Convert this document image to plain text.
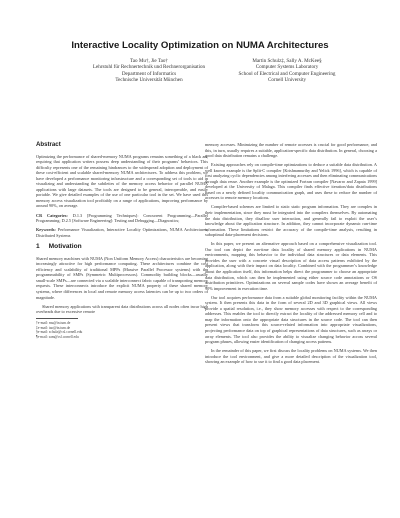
Interactive Locality Optimization on NUMA Architectures
Tao Mu†, Jie Tao†
Lehrstuhl für Rechnertechnik und Rechnerorganisation
Department of Informatics
Technische Universität München
Martin Schulz‡, Sally A. McKee§
Computer Systems Laboratory
School of Electrical and Computer Engineering
Cornell University
Abstract

Optimizing the performance of shared-memory NUMA programs remains something of a black art, requiring that application writers possess deep understanding of their programs’ behaviors. This difficulty represents one of the remaining hindrances to the widespread adoption and deployment of these cost-efficient and scalable shared-memory NUMA architectures. To address this problem, we have developed a performance monitoring infrastructure and a corresponding set of tools to aid in visualizing and understanding the subtleties of the memory access behavior of parallel NUMA applications with large datasets. The tools are designed to be general, interoperable, and easily portable. We give detailed examples of the use of one particular tool in the set. We have used this memory access visualization tool profitably on a range of applications, improving performance by around 90%, on average.

CR Categories: D.1.3 [Programming Techniques]: Concurrent Programming—Parallel Programming; D.2.5 [Software Engineering]: Testing and Debugging—Diagnostics;

Keywords: Performance Visualization, Interactive Locality Optimizations, NUMA Architectures, Distributed Systems

1 Motivation

Shared memory machines with NUMA (Non Uniform Memory Access) characteristics are becoming increasingly attractive for high performance computing. These architectures combine the cost efficiency and scalability of traditional MPPs (Massive Parallel Processor systems) with the programmability of SMPs (Symmetric Multiprocessors). Commodity building blocks—usually small-scale SMPs—are connected via a scalable interconnect fabric capable of transporting memory requests. These interconnects introduce the explicit NUMA property of these shared memory systems, where differences in local and remote memory access latencies can be up to two orders of magnitude.

Shared memory applications with transparent data distributions across all nodes often incur high overheads due to excessive remote

†e-mail: mu@in.tum.de
‡e-mail: tao@in.tum.de
§e-mail: schulz@csl.cornell.edu
¶e-mail: sam@csl.cornell.edu

memory accesses. Minimizing the number of remote accesses is crucial for good performance, and this, in turn, usually requires a suitable, application-specific data distribution. In general, choosing a good data distribution remains a challenge.

Existing approaches rely on compile-time optimizations to deduce a suitable data distribution. A well known example is the Split-C compiler [Krishnamurthy and Yelick 1996], which is capable of first analyzing cyclic dependencies among interfering accesses and then eliminating communications through data reuse. Another example is the optimized Fortran compiler [Navarro and Zapata 1999] developed at the University of Malaga. This compiler finds effective iteration/data distributions based on a newly defined locality communication graph, and uses these to reduce the number of accesses to remote memory locations.

Compiler-based schemes are limited to static static program information. They are complex in their implementation, since they must be integrated into the compilers themselves. By automating the data distribution, they disallow user interaction, and generally fail to exploit the user’s knowledge about the application structure. In addition, they cannot incorporate dynamic run-time information. These limitations restrict the accuracy of the compile-time analysis, resulting in suboptimal data-placement decisions.

In this paper, we present an alternative approach based on a comprehensive visualization tool. Our tool can depict the run-time data locality of shared memory applications in NUMA environments, mapping this behavior to the individual data structures or data elements. This provides the user with a concrete visual description of data access patterns exhibited by the application, along with their impact on data locality. Combined with the programmer’s knowledge about the application itself, this information helps direct the programmer to choose an appropriate data distribution, which can then be implemented using either source code annotations or OS distribution primitives. Optimizations on several sample codes have shown an average benefit of 90% improvement in execution time.

Our tool acquires performance data from a suitable global monitoring facility within the NUMA system. It then presents this data in the form of several 2D and 3D graphical views. All views provide a spatial resolution, i.e., they show memory accesses with respect to the corresponding addresses. This enables the tool to directly extract the locality of the addressed memory cell and to map the information onto the appropriate data structures in the source code. The tool can then present views that transform this source-related information into appropriate visualizations, projecting performance data on top of graphical representations of data structures, such as arrays or array elements. The tool also provides the ability to visualize changing behavior across several program phases, allowing easier identification of changing access patterns.

In the remainder of this paper, we first discuss the locality problems on NUMA systems. We then introduce the tool environment, and give a more detailed description of the visualization tool, showing an example of how to use it to find a good data placement.
